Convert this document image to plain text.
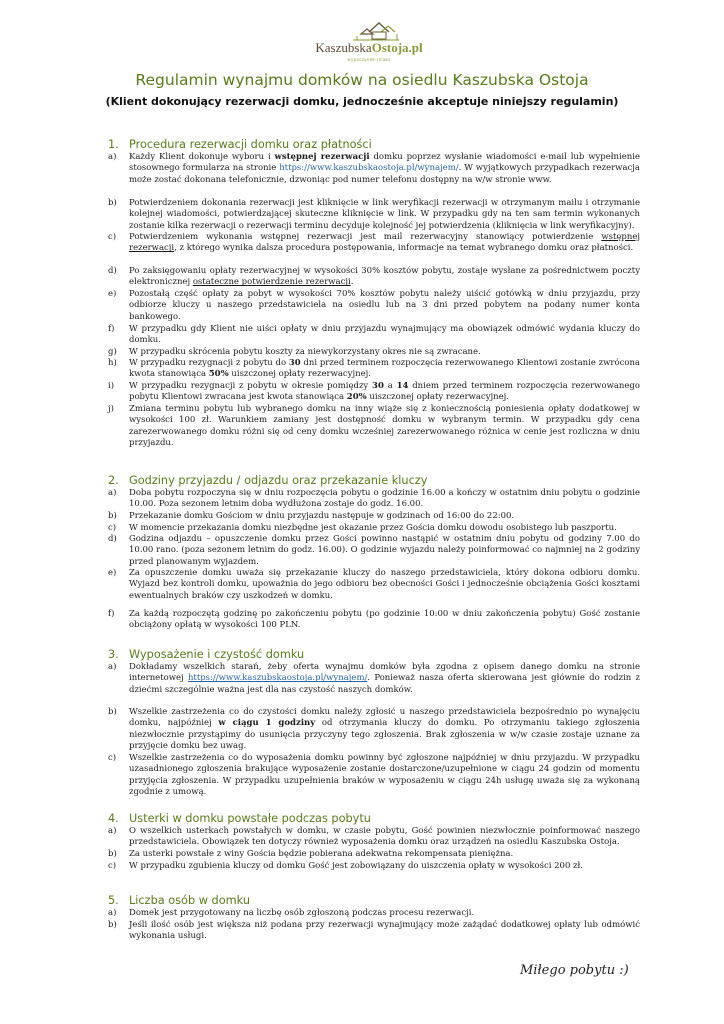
KaszubskaOstoja.pl
wypoczynek-relaks
Regulamin wynajmu domków na osiedlu Kaszubska Ostoja
(Klient dokonujący rezerwacji domku, jednocześnie akceptuje niniejszy regulamin)
1. Procedura rezerwacji domku oraz płatności
a) Każdy Klient dokonuje wyboru i wstępnej rezerwacji domku poprzez wysłanie wiadomości e-mail lub wypełnienie stosownego formularza na stronie https://www.kaszubskaostoja.pl/wynajem/. W wyjątkowych przypadkach rezerwacja może zostać dokonana telefonicznie, dzwoniąc pod numer telefonu dostępny na w/w stronie www.
b) Potwierdzeniem dokonania rezerwacji jest kliknięcie w link weryfikacji rezerwacji w otrzymanym mailu i otrzymanie kolejnej wiadomości, potwierdzającej skuteczne kliknięcie w link. W przypadku gdy na ten sam termin wykonanych zostanie kilka rezerwacji o rezerwacji terminu decyduje kolejność jej potwierdzenia (kliknięcia w link weryfikacyjny).
c) Potwierdzeniem wykonania wstępnej rezerwacji jest mail rezerwacyjny stanowiący potwierdzenie wstępnej rezerwacji, z którego wynika dalsza procedura postępowania, informacje na temat wybranego domku oraz płatności.
d) Po zaksięgowaniu opłaty rezerwacyjnej w wysokości 30% kosztów pobytu, zostaje wysłane za pośrednictwem poczty elektronicznej ostateczne potwierdzenie rezerwacji.
e) Pozostałą część opłaty za pobyt w wysokości 70% kosztów pobytu należy uiścić gotówką w dniu przyjazdu, przy odbiorze kluczy u naszego przedstawiciela na osiedlu lub na 3 dni przed pobytem na podany numer konta bankowego.
f) W przypadku gdy Klient nie uiści opłaty w dniu przyjazdu wynajmujący ma obowiązek odmówić wydania kluczy do domku.
g) W przypadku skrócenia pobytu koszty za niewykorzystany okres nie są zwracane.
h) W przypadku rezygnacji z pobytu do 30 dni przed terminem rozpoczęcia rezerwowanego Klientowi zostanie zwrócona kwota stanowiąca 50% uiszczonej opłaty rezerwacyjnej.
i) W przypadku rezygnacji z pobytu w okresie pomiędzy 30 a 14 dniem przed terminem rozpoczęcia rezerwowanego pobytu Klientowi zwracana jest kwota stanowiąca 20% uiszczonej opłaty rezerwacyjnej.
j) Zmiana terminu pobytu lub wybranego domku na inny wiąże się z koniecznością poniesienia opłaty dodatkowej w wysokości 100 zł. Warunkiem zamiany jest dostępność domku w wybranym termin. W przypadku gdy cena zarezerwowanego domku różni się od ceny domku wcześniej zarezerwowanego różnica w cenie jest rozliczna w dniu przyjazdu.
2. Godziny przyjazdu / odjazdu oraz przekazanie kluczy
a) Doba pobytu rozpoczyna się w dniu rozpoczęcia pobytu o godzinie 16.00 a kończy w ostatnim dniu pobytu o godzinie 10.00. Poza sezonem letnim doba wydłużona zostaje do godz. 16.00.
b) Przekazanie domku Gościom w dniu przyjazdu następuje w godzinach od 16:00 do 22:00.
c) W momencie przekazania domku niezbędne jest okazanie przez Gościa domku dowodu osobistego lub paszportu.
d) Godzina odjazdu – opuszczenie domku przez Gości powinno nastąpić w ostatnim dniu pobytu od godziny 7.00 do 10.00 rano. (poza sezonem letnim do godz. 16.00). O godzinie wyjazdu należy poinformować co najmniej na 2 godziny przed planowanym wyjazdem.
e) Za opuszczenie domku uważa się przekazanie kluczy do naszego przedstawiciela, który dokona odbioru domku. Wyjazd bez kontroli domku, upoważnia do jego odbioru bez obecności Gości i jednocześnie obciążenia Gości kosztami ewentualnych braków czy uszkodzeń w domku.
f) Za każdą rozpoczętą godzinę po zakończeniu pobytu (po godzinie 10:00 w dniu zakończenia pobytu) Gość zostanie obciążony opłatą w wysokości 100 PLN.
3. Wyposażenie i czystość domku
a) Dokładamy wszelkich starań, żeby oferta wynajmu domków była zgodna z opisem danego domku na stronie internetowej https://www.kaszubskaostoja.pl/wynajem/. Ponieważ nasza oferta skierowana jest głównie do rodzin z dziećmi szczególnie ważna jest dla nas czystość naszych domków.
b) Wszelkie zastrzeżenia co do czystości domku należy zgłosić u naszego przedstawiciela bezpośrednio po wynajęciu domku, najpóźniej w ciągu 1 godziny od otrzymania kluczy do domku. Po otrzymaniu takiego zgłoszenia niezwłocznie przystąpimy do usunięcia przyczyny tego zgłoszenia. Brak zgłoszenia w w/w czasie zostaje uznane za przyjęcie domku bez uwag.
c) Wszelkie zastrzeżenia co do wyposażenia domku powinny być zgłoszone najpóźniej w dniu przyjazdu. W przypadku uzasadnionego zgłoszenia brakujące wyposażenie zostanie dostarczone/uzupełnione w ciągu 24 godzin od momentu przyjęcia zgłoszenia. W przypadku uzupełnienia braków w wyposażeniu w ciągu 24h usługę uważa się za wykonaną zgodnie z umową.
4. Usterki w domku powstałe podczas pobytu
a) O wszelkich usterkach powstałych w domku, w czasie pobytu, Gość powinien niezwłocznie poinformować naszego przedstawiciela. Obowiązek ten dotyczy również wyposażenia domku oraz urządzeń na osiedlu Kaszubska Ostoja.
b) Za usterki powstałe z winy Gościa będzie pobierana adekwatna rekompensata pieniężna.
c) W przypadku zgubienia kluczy od domku Gość jest zobowiązany do uiszczenia opłaty w wysokości 200 zł.
5. Liczba osób w domku
a) Domek jest przygotowany na liczbę osób zgłoszoną podczas procesu rezerwacji.
b) Jeśli ilość osób jest większa niż podana przy rezerwacji wynajmujący może zażądać dodatkowej opłaty lub odmówić wykonania usługi.
Miłego pobytu :)
